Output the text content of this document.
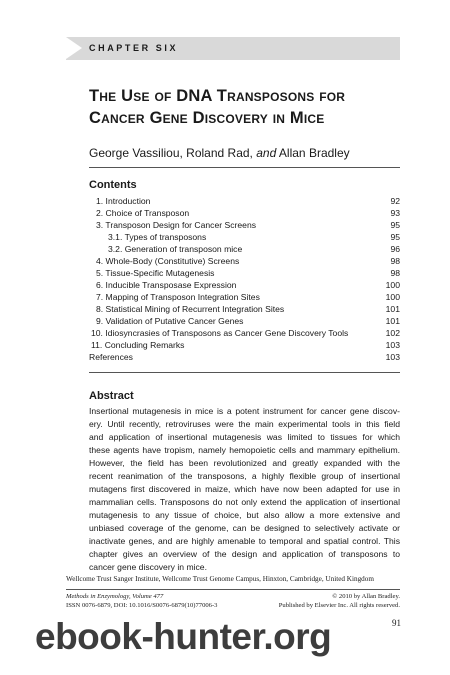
CHAPTER SIX
The Use of DNA Transposons for
Cancer Gene Discovery in Mice
George Vassiliou, Roland Rad, and Allan Bradley
Contents
1. Introduction	92
2. Choice of Transposon	93
3. Transposon Design for Cancer Screens	95
3.1. Types of transposons	95
3.2. Generation of transposon mice	96
4. Whole-Body (Constitutive) Screens	98
5. Tissue-Specific Mutagenesis	98
6. Inducible Transposase Expression	100
7. Mapping of Transposon Integration Sites	100
8. Statistical Mining of Recurrent Integration Sites	101
9. Validation of Putative Cancer Genes	101
10. Idiosyncrasies of Transposons as Cancer Gene Discovery Tools	102
11. Concluding Remarks	103
References	103
Abstract
Insertional mutagenesis in mice is a potent instrument for cancer gene discov-
ery. Until recently, retroviruses were the main experimental tools in this field
and application of insertional mutagenesis was limited to tissues for which
these agents have tropism, namely hemopoietic cells and mammary epithelium.
However, the field has been revolutionized and greatly expanded with the
recent reanimation of the transposons, a highly flexible group of insertional
mutagens first discovered in maize, which have now been adapted for use in
mammalian cells. Transposons do not only extend the application of insertional
mutagenesis to any tissue of choice, but also allow a more extensive and
unbiased coverage of the genome, can be designed to selectively activate or
inactivate genes, and are highly amenable to temporal and spatial control. This
chapter gives an overview of the design and application of transposons to
cancer gene discovery in mice.
Wellcome Trust Sanger Institute, Wellcome Trust Genome Campus, Hinxton, Cambridge, United Kingdom
Methods in Enzymology, Volume 477	© 2010 by Allan Bradley.
ISSN 0076-6879, DOI: 10.1016/S0076-6879(10)77006-3	Published by Elsevier Inc. All rights reserved.
91
ebook-hunter.org
